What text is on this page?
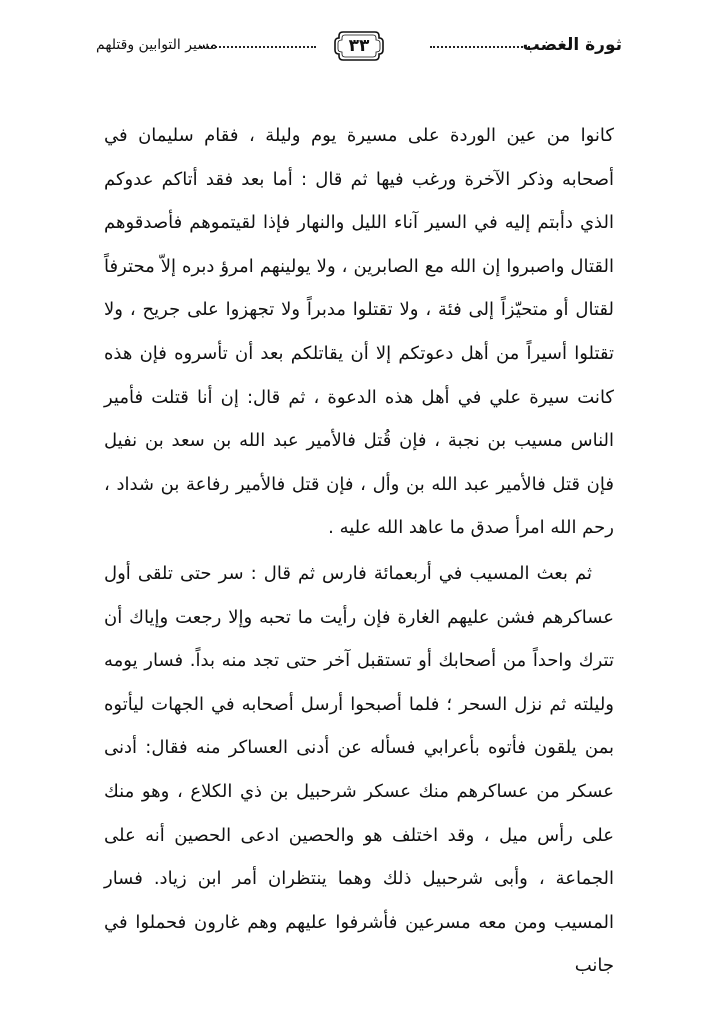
ثورة الغضب
٣٣
مسير التوابين وقتلهم

كانوا من عين الوردة على مسيرة يوم وليلة ، فقام سليمان في أصحابه وذكر الآخرة ورغب فيها ثم قال : أما بعد فقد أتاكم عدوكم الذي دأبتم إليه في السير آناء الليل والنهار فإذا لقيتموهم فأصدقوهم القتال واصبروا إن الله مع الصابرين ، ولا يولينهم امرؤ دبره إلاّ محترفاً لقتال أو متحيّزاً إلى فئة ، ولا تقتلوا مدبراً ولا تجهزوا على جريح ، ولا تقتلوا أسيراً من أهل دعوتكم إلا أن يقاتلكم بعد أن تأسروه فإن هذه كانت سيرة علي في أهل هذه الدعوة ، ثم قال: إن أنا قتلت فأمير الناس مسيب بن نجبة ، فإن قُتل فالأمير عبد الله بن سعد بن نفيل فإن قتل فالأمير عبد الله بن وأل ، فإن قتل فالأمير رفاعة بن شداد ، رحم الله امرأ صدق ما عاهد الله عليه .

ثم بعث المسيب في أربعمائة فارس ثم قال : سر حتى تلقى أول عساكرهم فشن عليهم الغارة فإن رأيت ما تحبه وإلا رجعت وإياك أن تترك واحداً من أصحابك أو تستقبل آخر حتى تجد منه بداً. فسار يومه وليلته ثم نزل السحر ؛ فلما أصبحوا أرسل أصحابه في الجهات ليأتوه بمن يلقون فأتوه بأعرابي فسأله عن أدنى العساكر منه فقال: أدنى عسكر من عساكرهم منك عسكر شرحبيل بن ذي الكلاع ، وهو منك على رأس ميل ، وقد اختلف هو والحصين ادعى الحصين أنه على الجماعة ، وأبى شرحبيل ذلك وهما ينتظران أمر ابن زياد. فسار المسيب ومن معه مسرعين فأشرفوا عليهم وهم غارون فحملوا في جانب
